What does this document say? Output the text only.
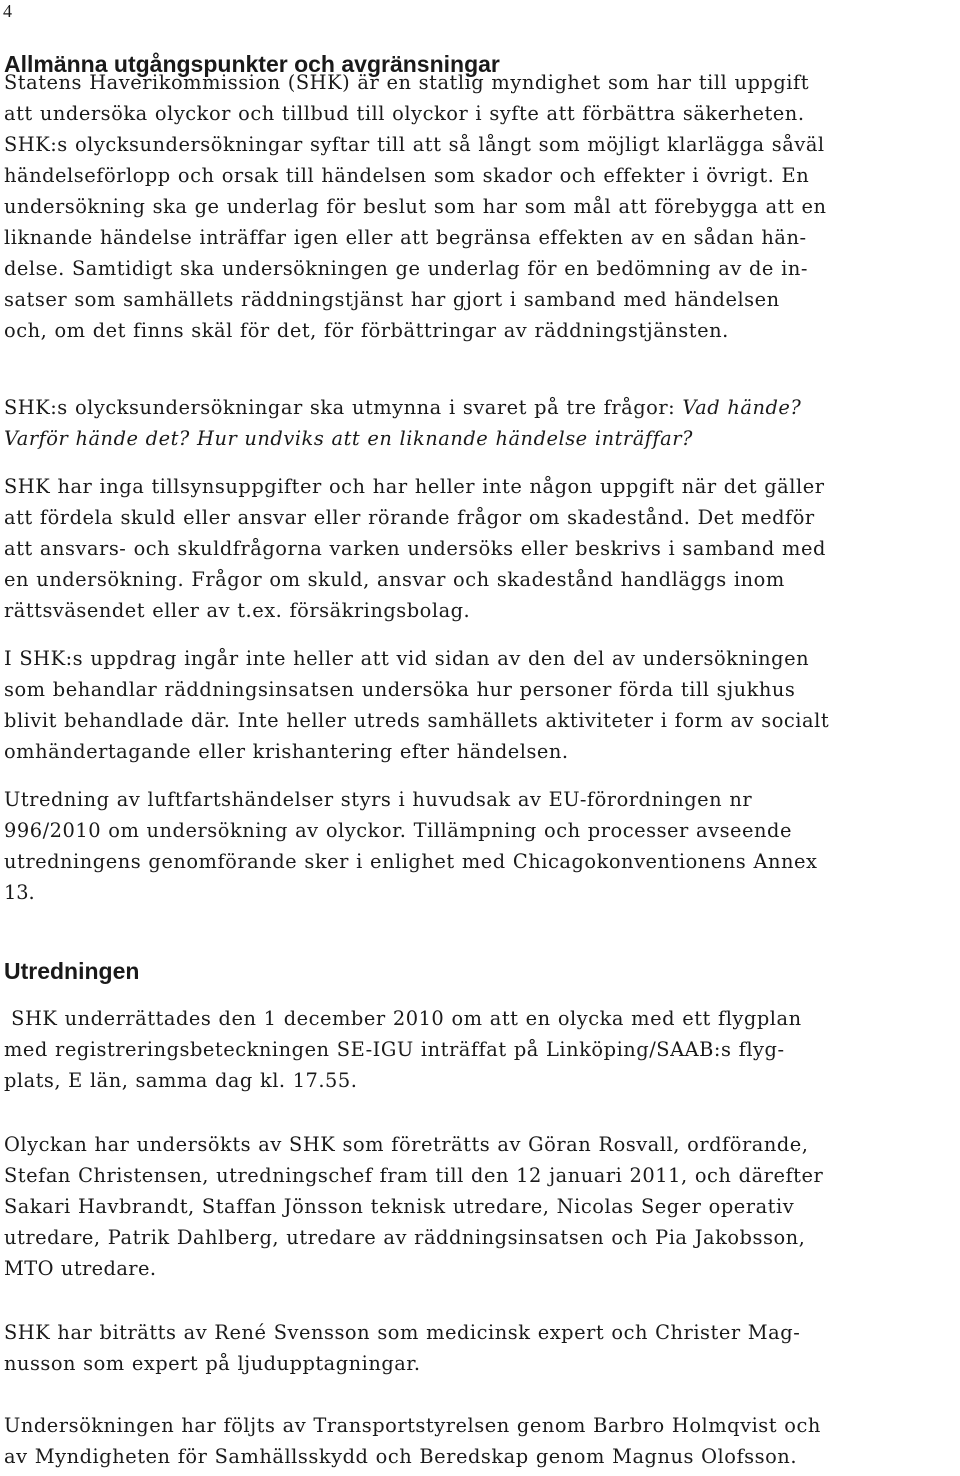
4
Allmänna utgångspunkter och avgränsningar

Statens Haverikommission (SHK) är en statlig myndighet som har till uppgift
att undersöka olyckor och tillbud till olyckor i syfte att förbättra säkerheten.
SHK:s olycksundersökningar syftar till att så långt som möjligt klarlägga såväl
händelseförlopp och orsak till händelsen som skador och effekter i övrigt. En
undersökning ska ge underlag för beslut som har som mål att förebygga att en
liknande händelse inträffar igen eller att begränsa effekten av en sådan hän-
delse. Samtidigt ska undersökningen ge underlag för en bedömning av de in-
satser som samhällets räddningstjänst har gjort i samband med händelsen
och, om det finns skäl för det, för förbättringar av räddningstjänsten.

SHK:s olycksundersökningar ska utmynna i svaret på tre frågor: Vad hände?
Varför hände det? Hur undviks att en liknande händelse inträffar?

SHK har inga tillsynsuppgifter och har heller inte någon uppgift när det gäller
att fördela skuld eller ansvar eller rörande frågor om skadestånd. Det medför
att ansvars- och skuldfrågorna varken undersöks eller beskrivs i samband med
en undersökning. Frågor om skuld, ansvar och skadestånd handläggs inom
rättsväsendet eller av t.ex. försäkringsbolag.

I SHK:s uppdrag ingår inte heller att vid sidan av den del av undersökningen
som behandlar räddningsinsatsen undersöka hur personer förda till sjukhus
blivit behandlade där. Inte heller utreds samhällets aktiviteter i form av socialt
omhändertagande eller krishantering efter händelsen.

Utredning av luftfartshändelser styrs i huvudsak av EU-förordningen nr
996/2010 om undersökning av olyckor. Tillämpning och processer avseende
utredningens genomförande sker i enlighet med Chicagokonventionens Annex
13.

Utredningen

SHK underrättades den 1 december 2010 om att en olycka med ett flygplan
med registreringsbeteckningen SE-IGU inträffat på Linköping/SAAB:s flyg-
plats, E län, samma dag kl. 17.55.

Olyckan har undersökts av SHK som företrätts av Göran Rosvall, ordförande,
Stefan Christensen, utredningschef fram till den 12 januari 2011, och därefter
Sakari Havbrandt, Staffan Jönsson teknisk utredare, Nicolas Seger operativ
utredare, Patrik Dahlberg, utredare av räddningsinsatsen och Pia Jakobsson,
MTO utredare.

SHK har biträtts av René Svensson som medicinsk expert och Christer Mag-
nusson som expert på ljudupptagningar.

Undersökningen har följts av Transportstyrelsen genom Barbro Holmqvist och
av Myndigheten för Samhällsskydd och Beredskap genom Magnus Olofsson.
